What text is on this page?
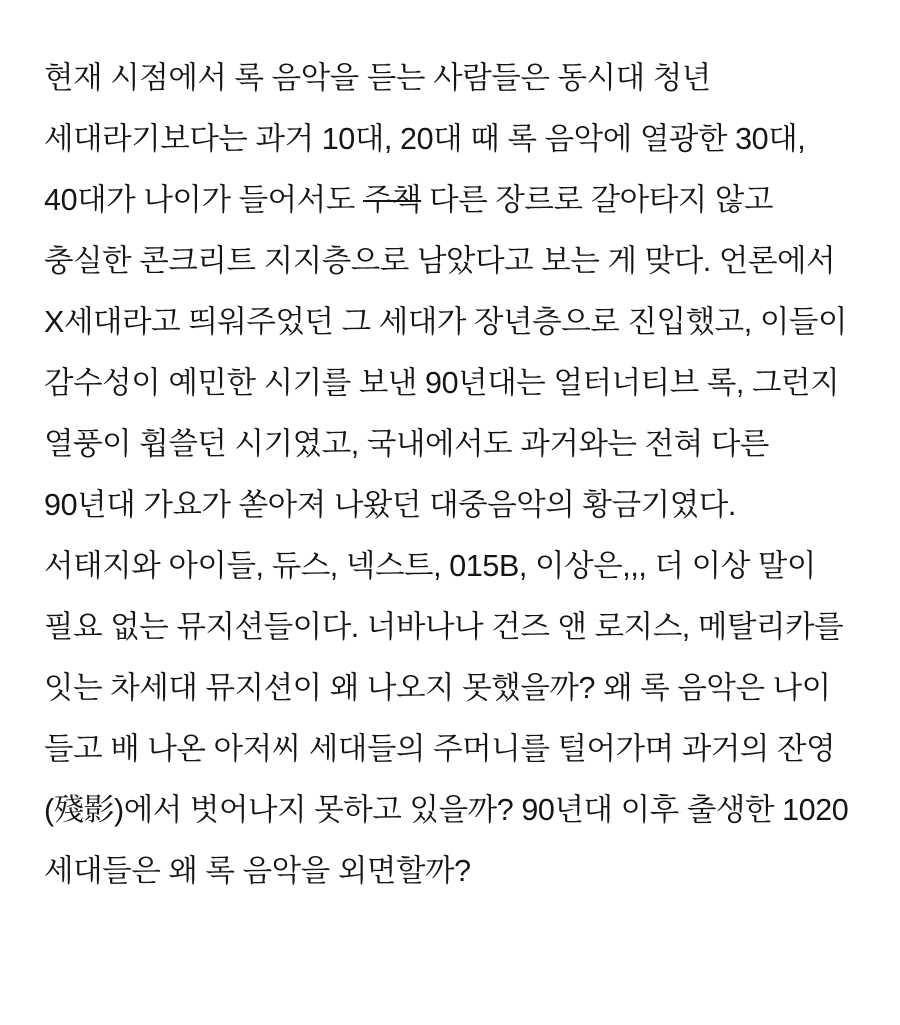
현재 시점에서 록 음악을 듣는 사람들은 동시대 청년 세대라기보다는 과거 10대, 20대 때 록 음악에 열광한 30대, 40대가 나이가 들어서도 주책 다른 장르로 갈아타지 않고 충실한 콘크리트 지지층으로 남았다고 보는 게 맞다. 언론에서 X세대라고 띄워주었던 그 세대가 장년층으로 진입했고, 이들이 감수성이 예민한 시기를 보낸 90년대는 얼터너티브 록, 그런지 열풍이 휩쓸던 시기였고, 국내에서도 과거와는 전혀 다른 90년대 가요가 쏟아져 나왔던 대중음악의 황금기였다. 서태지와 아이들, 듀스, 넥스트, 015B, 이상은,,, 더 이상 말이 필요 없는 뮤지션들이다. 너바나나 건즈 앤 로지스, 메탈리카를 잇는 차세대 뮤지션이 왜 나오지 못했을까? 왜 록 음악은 나이 들고 배 나온 아저씨 세대들의 주머니를 털어가며 과거의 잔영(殘影)에서 벗어나지 못하고 있을까? 90년대 이후 출생한 1020 세대들은 왜 록 음악을 외면할까?
